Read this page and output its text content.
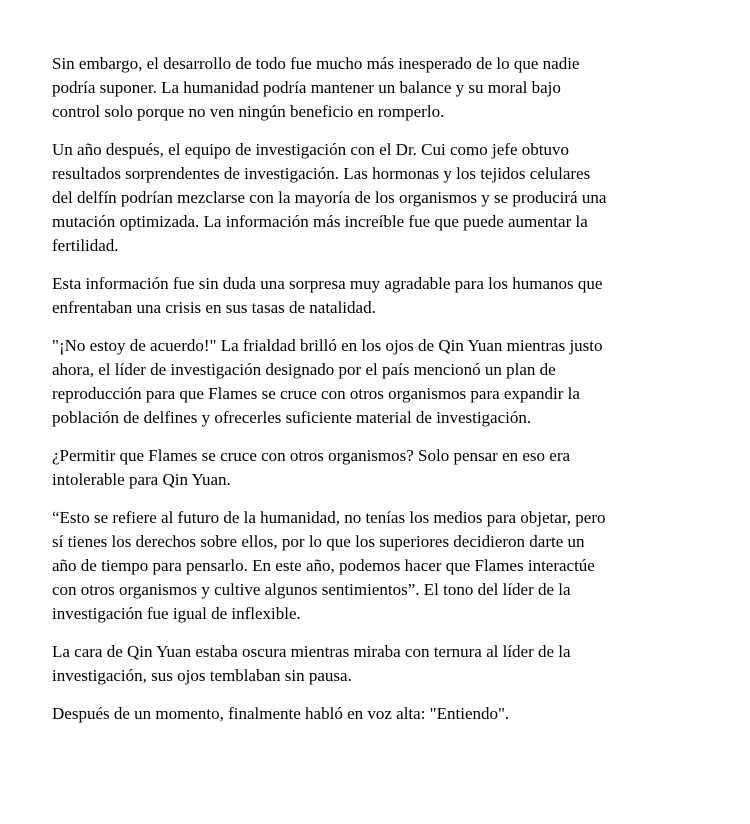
Sin embargo, el desarrollo de todo fue mucho más inesperado de lo que nadie
podría suponer. La humanidad podría mantener un balance y su moral bajo
control solo porque no ven ningún beneficio en romperlo.

Un año después, el equipo de investigación con el Dr. Cui como jefe obtuvo
resultados sorprendentes de investigación. Las hormonas y los tejidos celulares
del delfín podrían mezclarse con la mayoría de los organismos y se producirá una
mutación optimizada. La información más increíble fue que puede aumentar la
fertilidad.

Esta información fue sin duda una sorpresa muy agradable para los humanos que
enfrentaban una crisis en sus tasas de natalidad.

"¡No estoy de acuerdo!" La frialdad brilló en los ojos de Qin Yuan mientras justo
ahora, el líder de investigación designado por el país mencionó un plan de
reproducción para que Flames se cruce con otros organismos para expandir la
población de delfines y ofrecerles suficiente material de investigación.

¿Permitir que Flames se cruce con otros organismos? Solo pensar en eso era
intolerable para Qin Yuan.

“Esto se refiere al futuro de la humanidad, no tenías los medios para objetar, pero
sí tienes los derechos sobre ellos, por lo que los superiores decidieron darte un
año de tiempo para pensarlo. En este año, podemos hacer que Flames interactúe
con otros organismos y cultive algunos sentimientos”. El tono del líder de la
investigación fue igual de inflexible.

La cara de Qin Yuan estaba oscura mientras miraba con ternura al líder de la
investigación, sus ojos temblaban sin pausa.

Después de un momento, finalmente habló en voz alta: "Entiendo".
